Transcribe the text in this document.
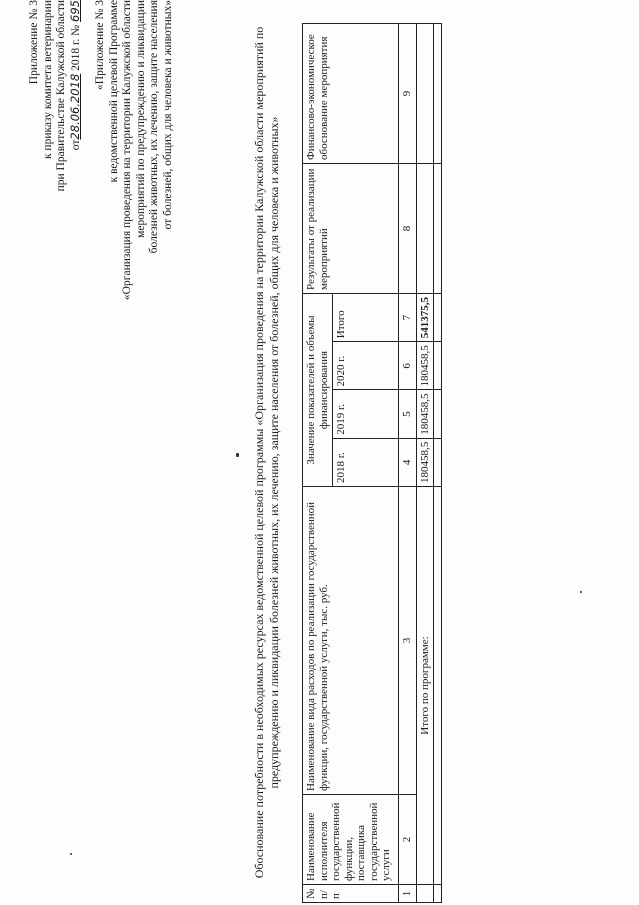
Приложение № 3 к приказу комитета ветеринарии при Правительстве Калужской области от28.06.2018 2018 г. № 695 «Приложение № 3 к ведомственной целевой Программе «Организация проведения на территории Калужской области мероприятий по предупреждению и ликвидации болезней животных, их лечению, защите населения от болезней, общих для человека и животных»	Обоснование потребности в необходимых ресурсах ведомственной целевой программы «Организация проведения на территории Калужской области мероприятий по предупреждению и ликвидации болезней животных, их лечению, защите населения от болезней, общих для человека и животных»
№ п/п	Наименование исполнителя государственной функции, поставщика государственной услуги	Наименование вида расходов по реализации государственной функции, государственной услуги, тыс. руб.	Значение показателей и объемы финансирования				Результаты от реализации мероприятий	Финансово-экономическое обоснование мероприятия
			2018 г.	2019 г.	2020 г.	Итого		
1	2	3	4	5	6	7	8	9
	Итого по программе:		180458,5	180458,5	180458,5	541375,5		
